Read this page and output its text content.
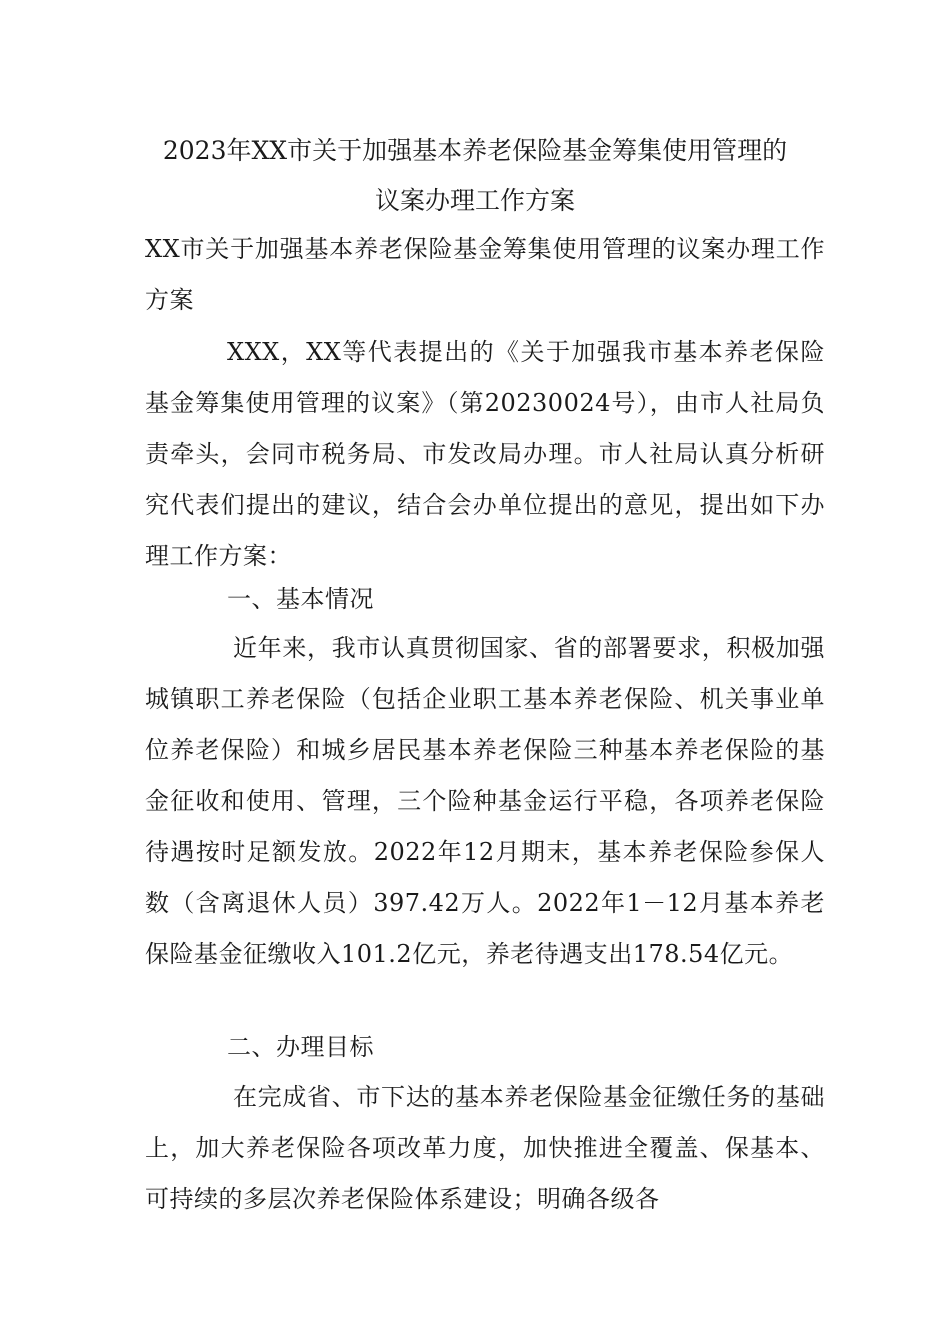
2023年XX市关于加强基本养老保险基金筹集使用管理的
议案办理工作方案
XX市关于加强基本养老保险基金筹集使用管理的议案办理工作方案
XXX，XX等代表提出的《关于加强我市基本养老保险基金筹集使用管理的议案》（第20230024号），由市人社局负责牵头，会同市税务局、市发改局办理。市人社局认真分析研究代表们提出的建议，结合会办单位提出的意见，提出如下办理工作方案：
一、基本情况
近年来，我市认真贯彻国家、省的部署要求，积极加强城镇职工养老保险（包括企业职工基本养老保险、机关事业单位养老保险）和城乡居民基本养老保险三种基本养老保险的基金征收和使用、管理，三个险种基金运行平稳，各项养老保险待遇按时足额发放。2022年12月期末，基本养老保险参保人数（含离退休人员）397.42万人。2022年1－12月基本养老保险基金征缴收入101.2亿元，养老待遇支出178.54亿元。
二、办理目标
在完成省、市下达的基本养老保险基金征缴任务的基础上，加大养老保险各项改革力度，加快推进全覆盖、保基本、可持续的多层次养老保险体系建设；明确各级各
